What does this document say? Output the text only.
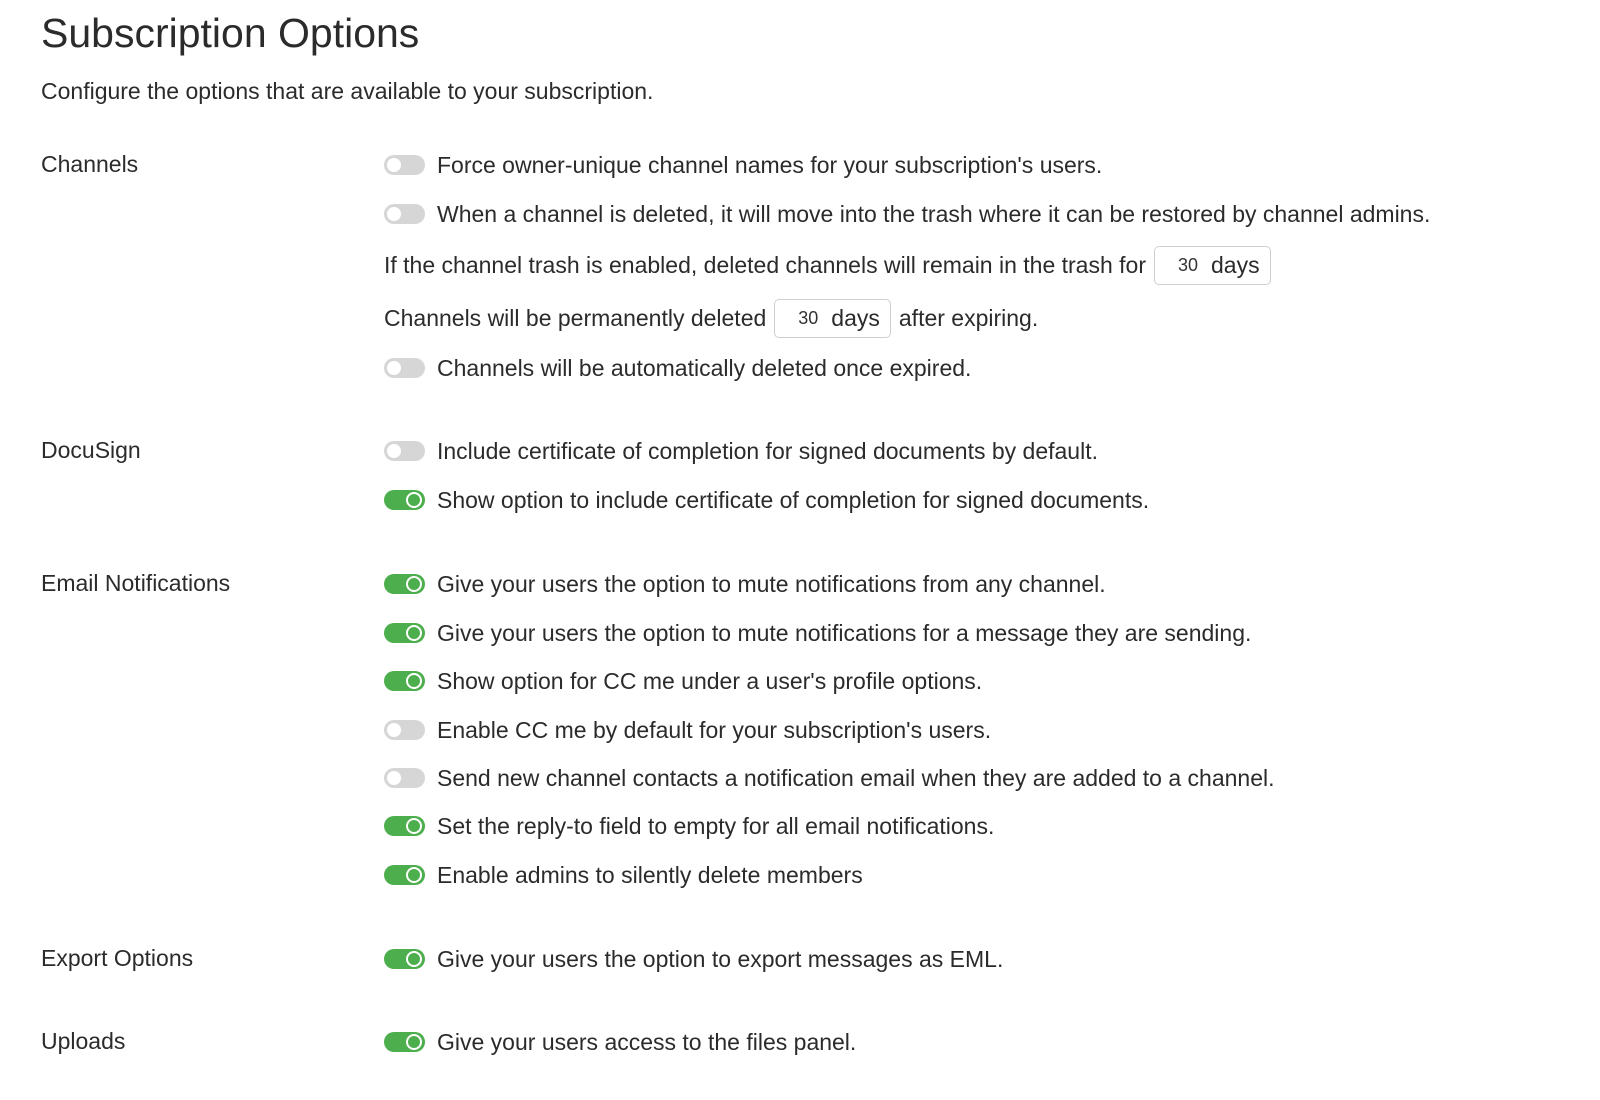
Subscription Options
Configure the options that are available to your subscription.
Channels	Force owner-unique channel names for your subscription's users.
When a channel is deleted, it will move into the trash where it can be restored by channel admins.
If the channel trash is enabled, deleted channels will remain in the trash for
30	days
Channels will be permanently deleted
30	days after expiring.
Channels will be automatically deleted once expired.
DocuSign	Include certificate of completion for signed documents by default.
Show option to include certificate of completion for signed documents.
Email Notifications	Give your users the option to mute notifications from any channel.
Give your users the option to mute notifications for a message they are sending.
Show option for CC me under a user's profile options.
Enable CC me by default for your subscription's users.
Send new channel contacts a notification email when they are added to a channel.
Set the reply-to field to empty for all email notifications.
Enable admins to silently delete members
Export Options	Give your users the option to export messages as EML.
Uploads	Give your users access to the files panel.
